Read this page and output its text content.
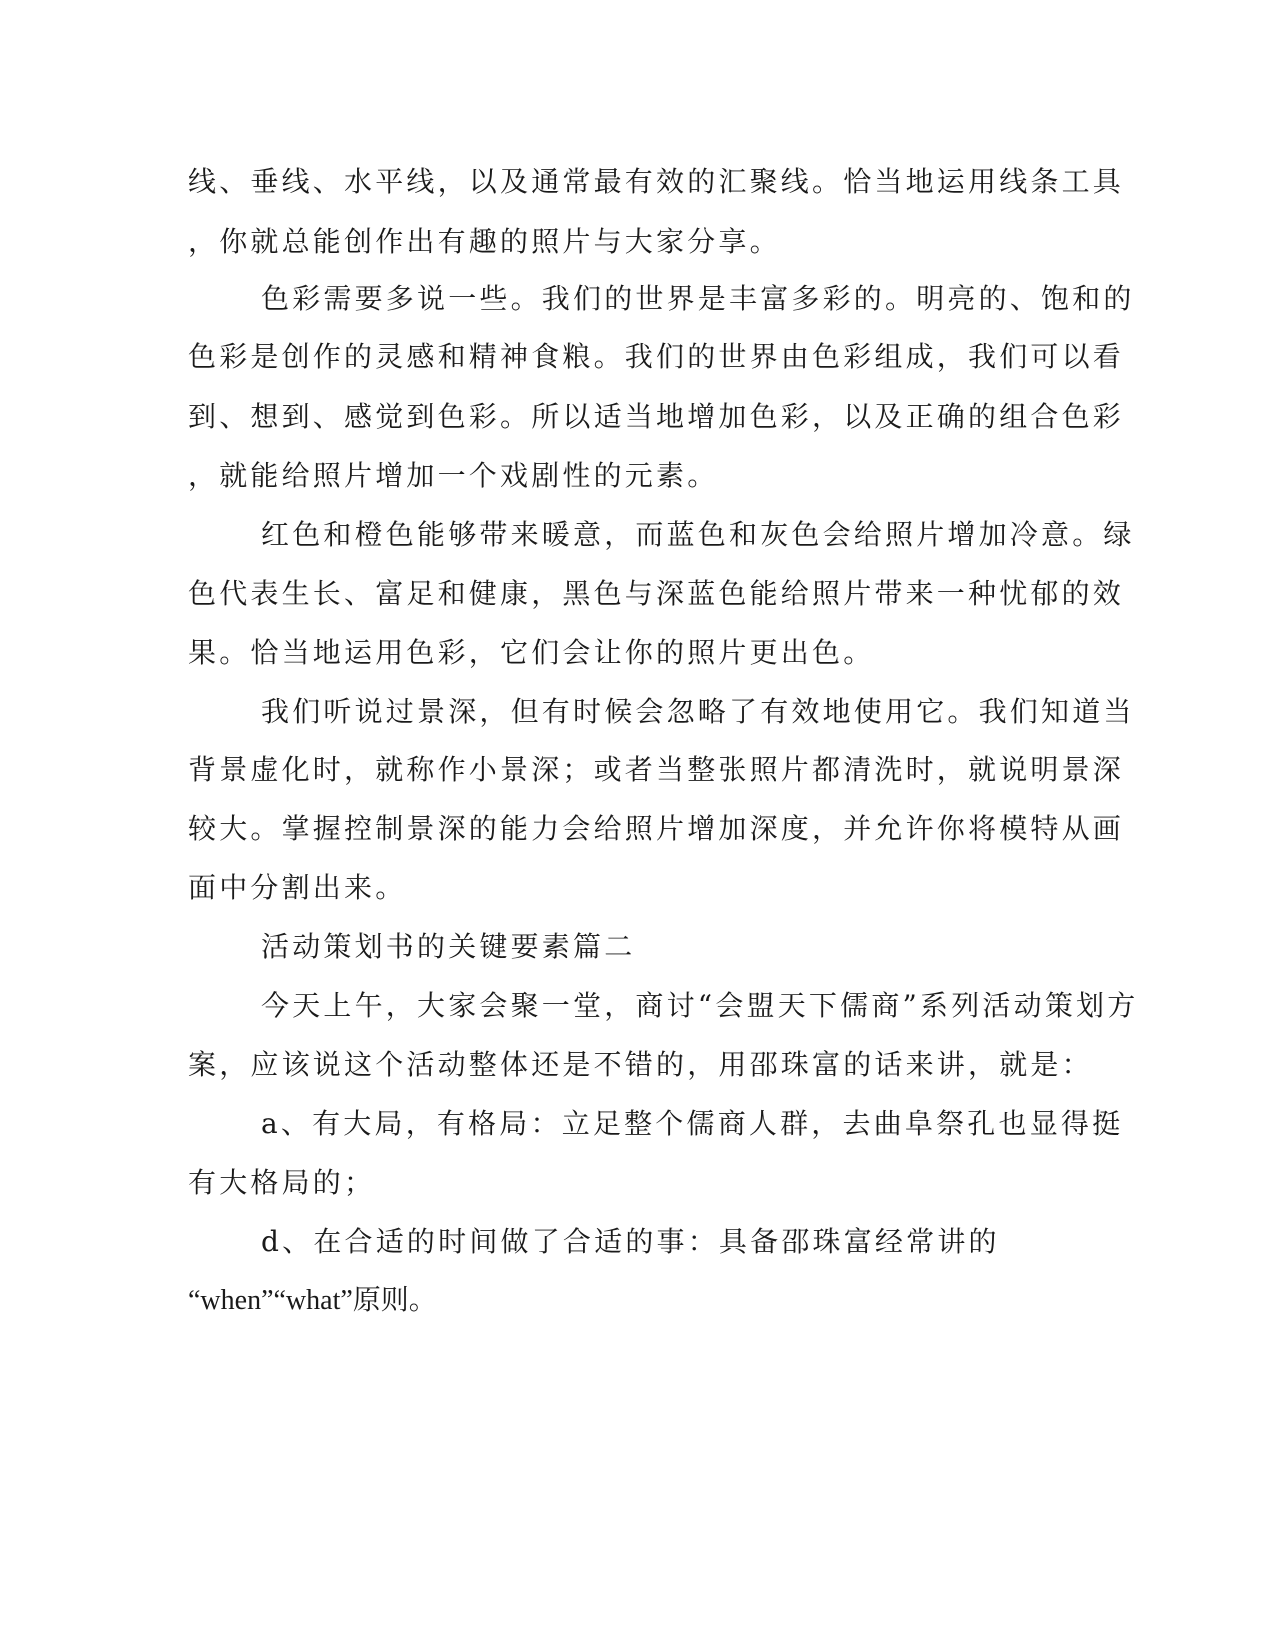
线、垂线、水平线，以及通常最有效的汇聚线。恰当地运用线条工具

，你就总能创作出有趣的照片与大家分享。

色彩需要多说一些。我们的世界是丰富多彩的。明亮的、饱和的

色彩是创作的灵感和精神食粮。我们的世界由色彩组成，我们可以看

到、想到、感觉到色彩。所以适当地增加色彩，以及正确的组合色彩

，就能给照片增加一个戏剧性的元素。

红色和橙色能够带来暖意，而蓝色和灰色会给照片增加冷意。绿

色代表生长、富足和健康，黑色与深蓝色能给照片带来一种忧郁的效

果。恰当地运用色彩，它们会让你的照片更出色。

我们听说过景深，但有时候会忽略了有效地使用它。我们知道当

背景虚化时，就称作小景深；或者当整张照片都清洗时，就说明景深

较大。掌握控制景深的能力会给照片增加深度，并允许你将模特从画

面中分割出来。

活动策划书的关键要素篇二

今天上午，大家会聚一堂，商讨“会盟天下儒商”系列活动策划方

案，应该说这个活动整体还是不错的，用邵珠富的话来讲，就是：

a、有大局，有格局：立足整个儒商人群，去曲阜祭孔也显得挺

有大格局的；

d、在合适的时间做了合适的事：具备邵珠富经常讲的

“when”“what”原则。
